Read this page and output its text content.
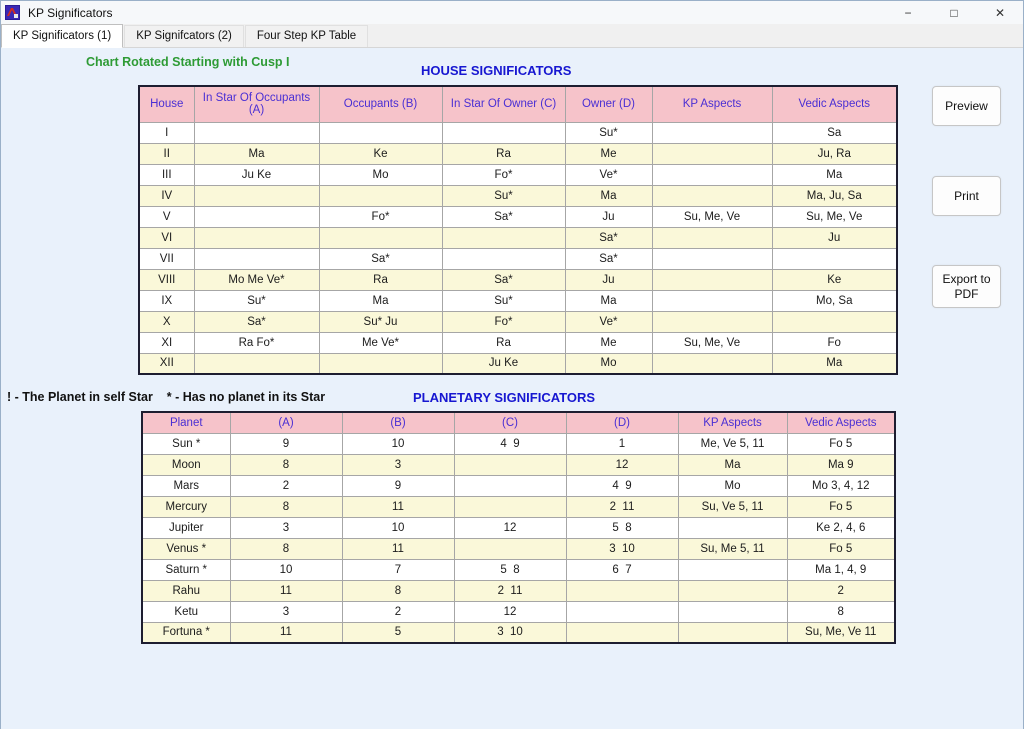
KP Significators	−	□	✕
KP Significators (1)	KP Signifcators (2)	Four Step KP Table
Chart Rotated Starting with Cusp I
HOUSE SIGNIFICATORS
House	In Star Of Occupants (A)	Occupants (B)	In Star Of Owner (C)	Owner (D)	KP Aspects	Vedic Aspects
I				Su*		Sa
II	Ma	Ke	Ra	Me		Ju, Ra
III	Ju Ke	Mo	Fo*	Ve*		Ma
IV			Su*	Ma		Ma, Ju, Sa
V		Fo*	Sa*	Ju	Su, Me, Ve	Su, Me, Ve
VI				Sa*		Ju
VII		Sa*		Sa*		
VIII	Mo Me Ve*	Ra	Sa*	Ju		Ke
IX	Su*	Ma	Su*	Ma		Mo, Sa
X	Sa*	Su* Ju	Fo*	Ve*		
XI	Ra Fo*	Me Ve*	Ra	Me	Su, Me, Ve	Fo
XII			Ju Ke	Mo		Ma
! - The Planet in self Star    * - Has no planet in its Star	PLANETARY SIGNIFICATORS
Planet	(A)	(B)	(C)	(D)	KP Aspects	Vedic Aspects
Sun *	9	10	4  9	1	Me, Ve 5, 11	Fo 5
Moon	8	3		12	Ma	Ma 9
Mars	2	9		4  9	Mo	Mo 3, 4, 12
Mercury	8	11		2  11	Su, Ve 5, 11	Fo 5
Jupiter	3	10	12	5  8		Ke 2, 4, 6
Venus *	8	11		3  10	Su, Me 5, 11	Fo 5
Saturn *	10	7	5  8	6  7		Ma 1, 4, 9
Rahu	11	8	2  11			2
Ketu	3	2	12			8
Fortuna *	11	5	3  10			Su, Me, Ve 11
Preview
Print
Export to PDF
